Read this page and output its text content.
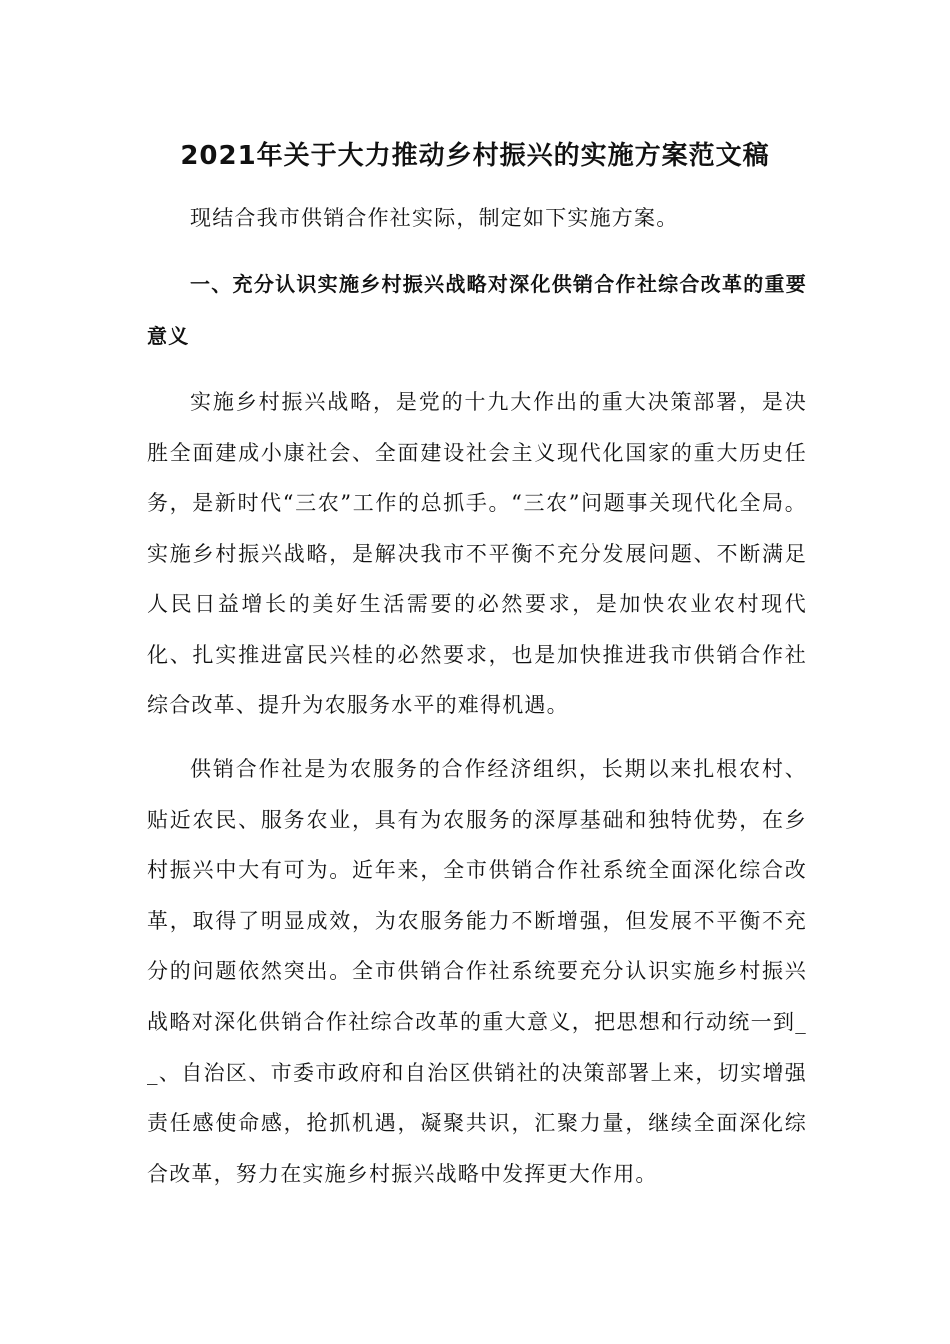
2021年关于大力推动乡村振兴的实施方案范文稿

现结合我市供销合作社实际，制定如下实施方案。

一、充分认识实施乡村振兴战略对深化供销合作社综合改革的重要意义

实施乡村振兴战略，是党的十九大作出的重大决策部署，是决胜全面建成小康社会、全面建设社会主义现代化国家的重大历史任务，是新时代“三农”工作的总抓手。“三农”问题事关现代化全局。实施乡村振兴战略，是解决我市不平衡不充分发展问题、不断满足人民日益增长的美好生活需要的必然要求，是加快农业农村现代化、扎实推进富民兴桂的必然要求，也是加快推进我市供销合作社综合改革、提升为农服务水平的难得机遇。

供销合作社是为农服务的合作经济组织，长期以来扎根农村、贴近农民、服务农业，具有为农服务的深厚基础和独特优势，在乡村振兴中大有可为。近年来，全市供销合作社系统全面深化综合改革，取得了明显成效，为农服务能力不断增强，但发展不平衡不充分的问题依然突出。全市供销合作社系统要充分认识实施乡村振兴战略对深化供销合作社综合改革的重大意义，把思想和行动统一到__、自治区、市委市政府和自治区供销社的决策部署上来，切实增强责任感使命感，抢抓机遇，凝聚共识，汇聚力量，继续全面深化综合改革，努力在实施乡村振兴战略中发挥更大作用。
